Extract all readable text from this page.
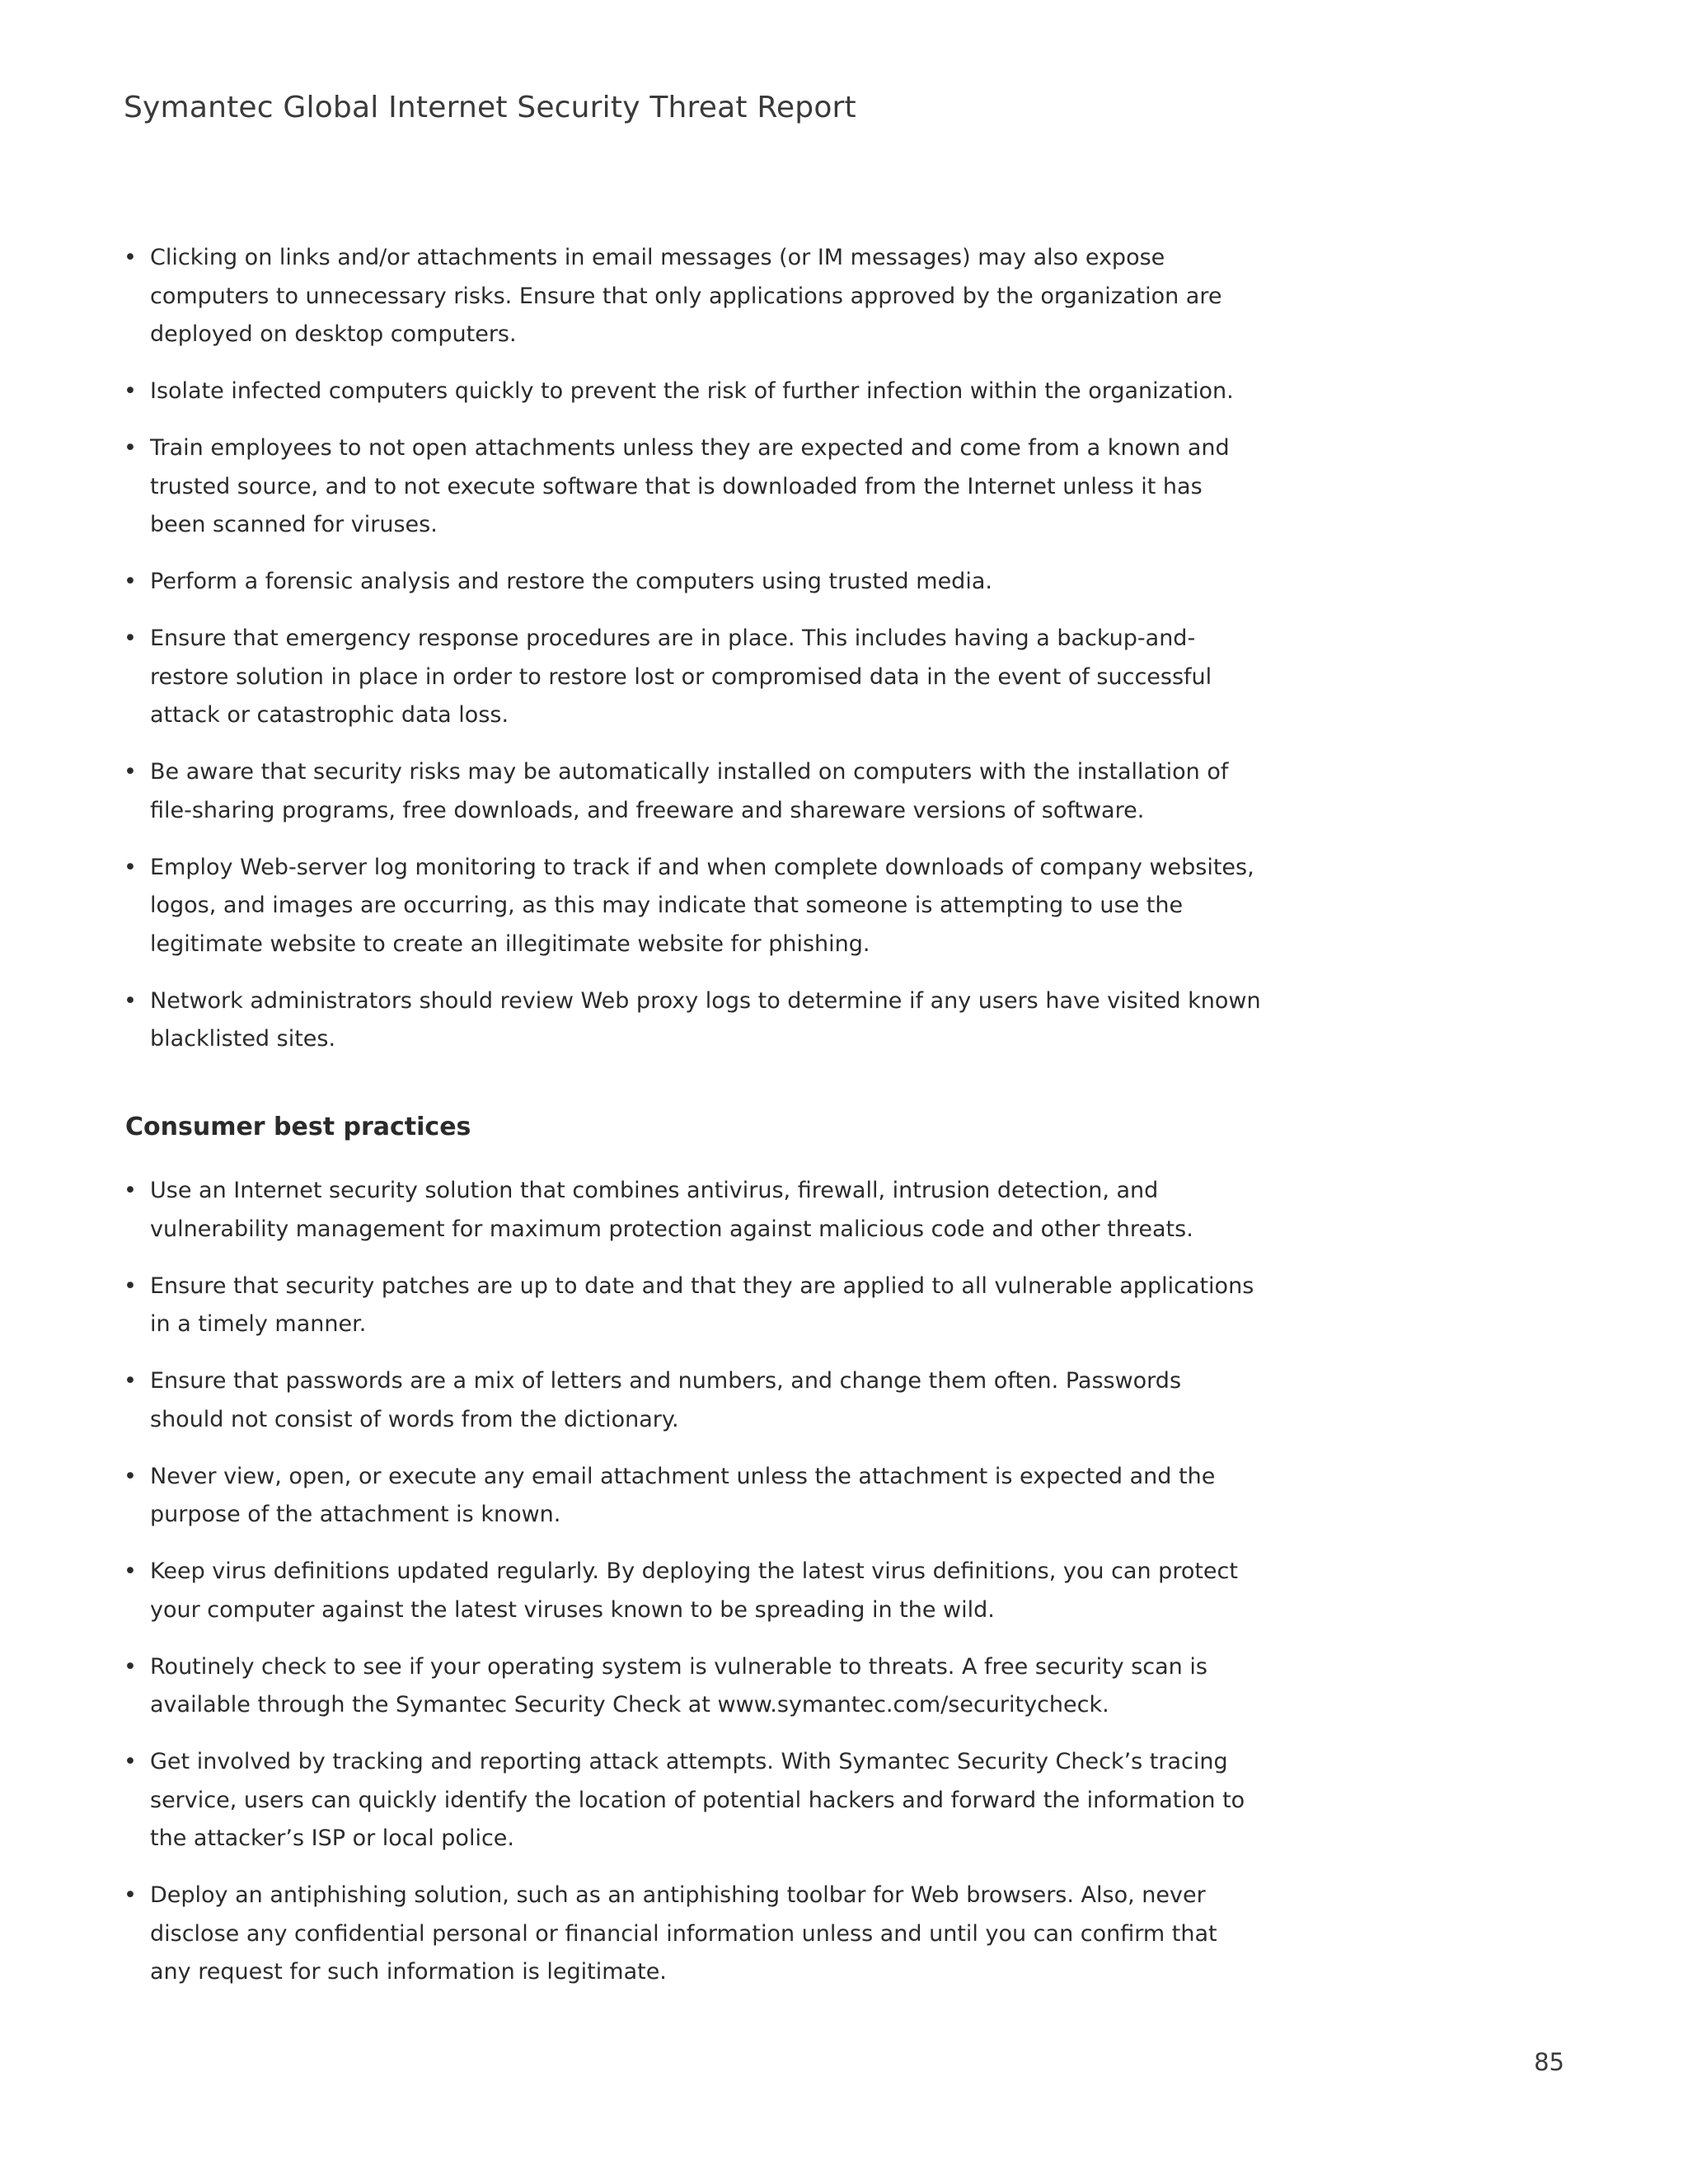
Symantec Global Internet Security Threat Report
• Clicking on links and/or attachments in email messages (or IM messages) may also expose computers to unnecessary risks. Ensure that only applications approved by the organization are deployed on desktop computers.
• Isolate infected computers quickly to prevent the risk of further infection within the organization.
• Train employees to not open attachments unless they are expected and come from a known and trusted source, and to not execute software that is downloaded from the Internet unless it has been scanned for viruses.
• Perform a forensic analysis and restore the computers using trusted media.
• Ensure that emergency response procedures are in place. This includes having a backup-and-restore solution in place in order to restore lost or compromised data in the event of successful attack or catastrophic data loss.
• Be aware that security risks may be automatically installed on computers with the installation of file-sharing programs, free downloads, and freeware and shareware versions of software.
• Employ Web-server log monitoring to track if and when complete downloads of company websites, logos, and images are occurring, as this may indicate that someone is attempting to use the legitimate website to create an illegitimate website for phishing.
• Network administrators should review Web proxy logs to determine if any users have visited known blacklisted sites.
Consumer best practices
• Use an Internet security solution that combines antivirus, firewall, intrusion detection, and vulnerability management for maximum protection against malicious code and other threats.
• Ensure that security patches are up to date and that they are applied to all vulnerable applications in a timely manner.
• Ensure that passwords are a mix of letters and numbers, and change them often. Passwords should not consist of words from the dictionary.
• Never view, open, or execute any email attachment unless the attachment is expected and the purpose of the attachment is known.
• Keep virus definitions updated regularly. By deploying the latest virus definitions, you can protect your computer against the latest viruses known to be spreading in the wild.
• Routinely check to see if your operating system is vulnerable to threats. A free security scan is available through the Symantec Security Check at www.symantec.com/securitycheck.
• Get involved by tracking and reporting attack attempts. With Symantec Security Check’s tracing service, users can quickly identify the location of potential hackers and forward the information to the attacker’s ISP or local police.
• Deploy an antiphishing solution, such as an antiphishing toolbar for Web browsers. Also, never disclose any confidential personal or financial information unless and until you can confirm that any request for such information is legitimate.
85
